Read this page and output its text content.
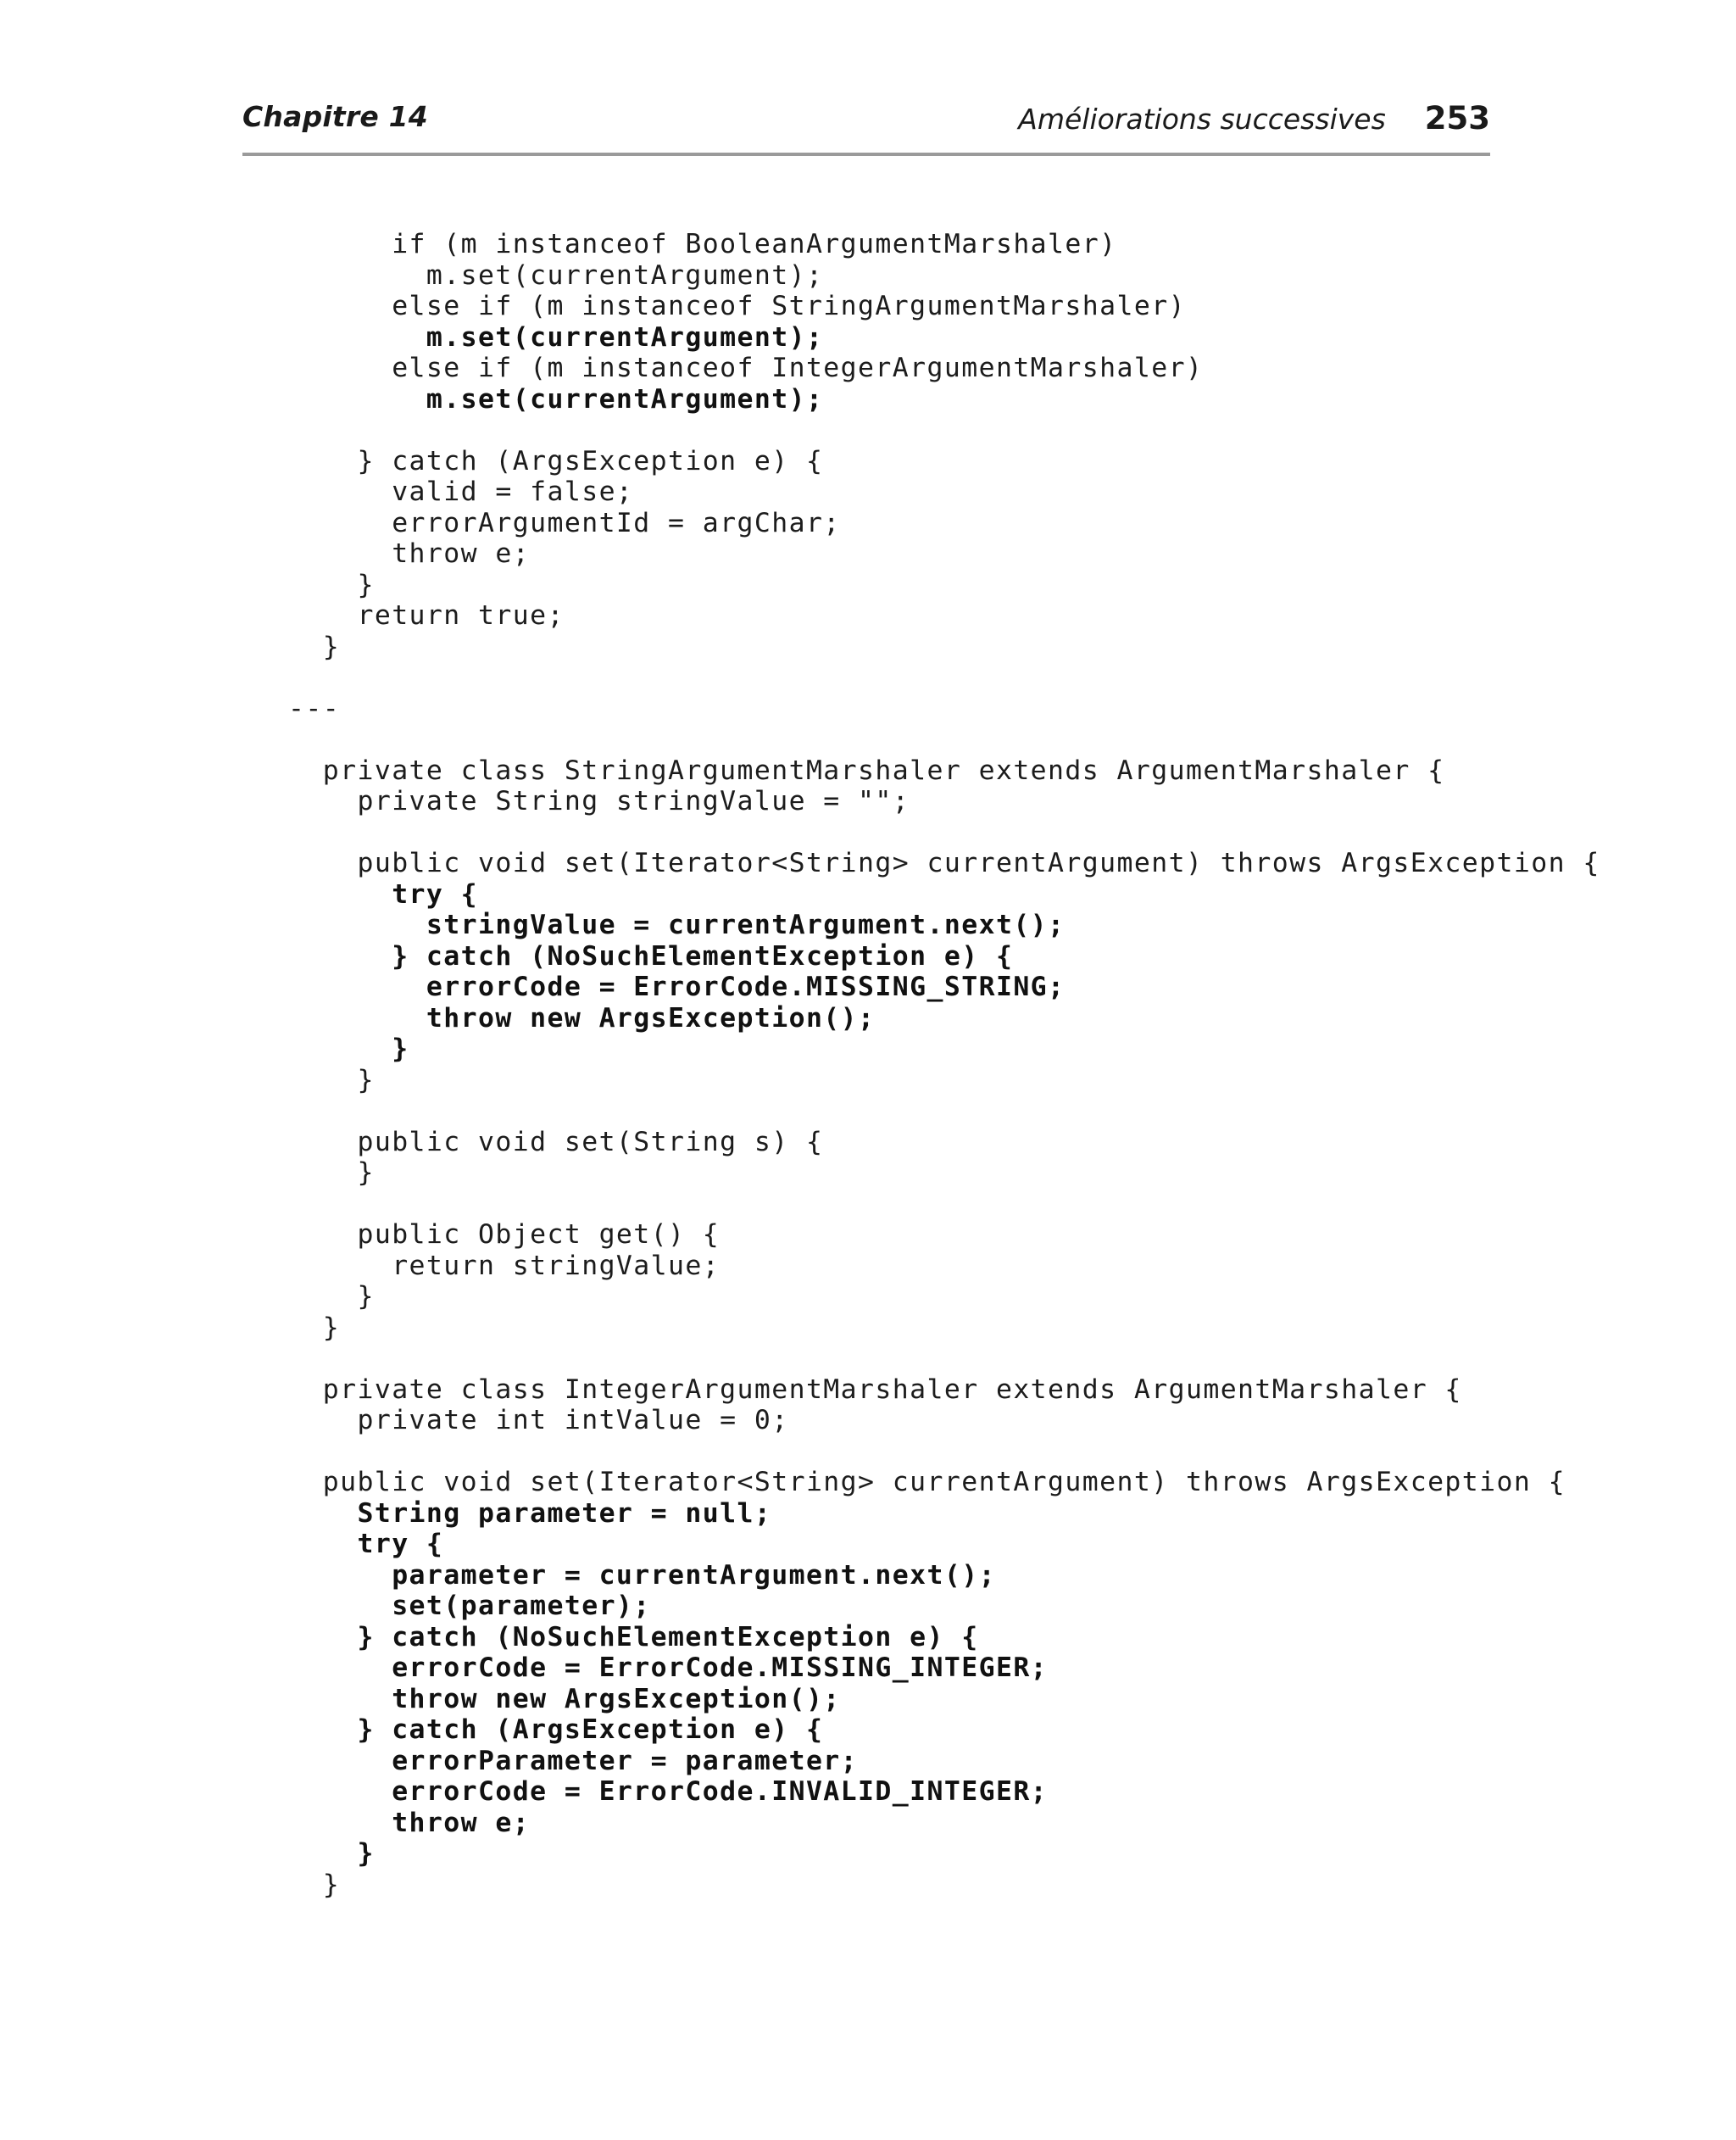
Chapitre 14	Améliorations successives 253
if (m instanceof BooleanArgumentMarshaler)
m.set(currentArgument);
else if (m instanceof StringArgumentMarshaler)
m.set(currentArgument);
else if (m instanceof IntegerArgumentMarshaler)
m.set(currentArgument);

} catch (ArgsException e) {
valid = false;
errorArgumentId = argChar;
throw e;
}
return true;
}

---

private class StringArgumentMarshaler extends ArgumentMarshaler {
private String stringValue = "";

public void set(Iterator<String> currentArgument) throws ArgsException {
try {
stringValue = currentArgument.next();
} catch (NoSuchElementException e) {
errorCode = ErrorCode.MISSING_STRING;
throw new ArgsException();
}
}

public void set(String s) {
}

public Object get() {
return stringValue;
}
}

private class IntegerArgumentMarshaler extends ArgumentMarshaler {
private int intValue = 0;

public void set(Iterator<String> currentArgument) throws ArgsException {
String parameter = null;
try {
parameter = currentArgument.next();
set(parameter);
} catch (NoSuchElementException e) {
errorCode = ErrorCode.MISSING_INTEGER;
throw new ArgsException();
} catch (ArgsException e) {
errorParameter = parameter;
errorCode = ErrorCode.INVALID_INTEGER;
throw e;
}
}
